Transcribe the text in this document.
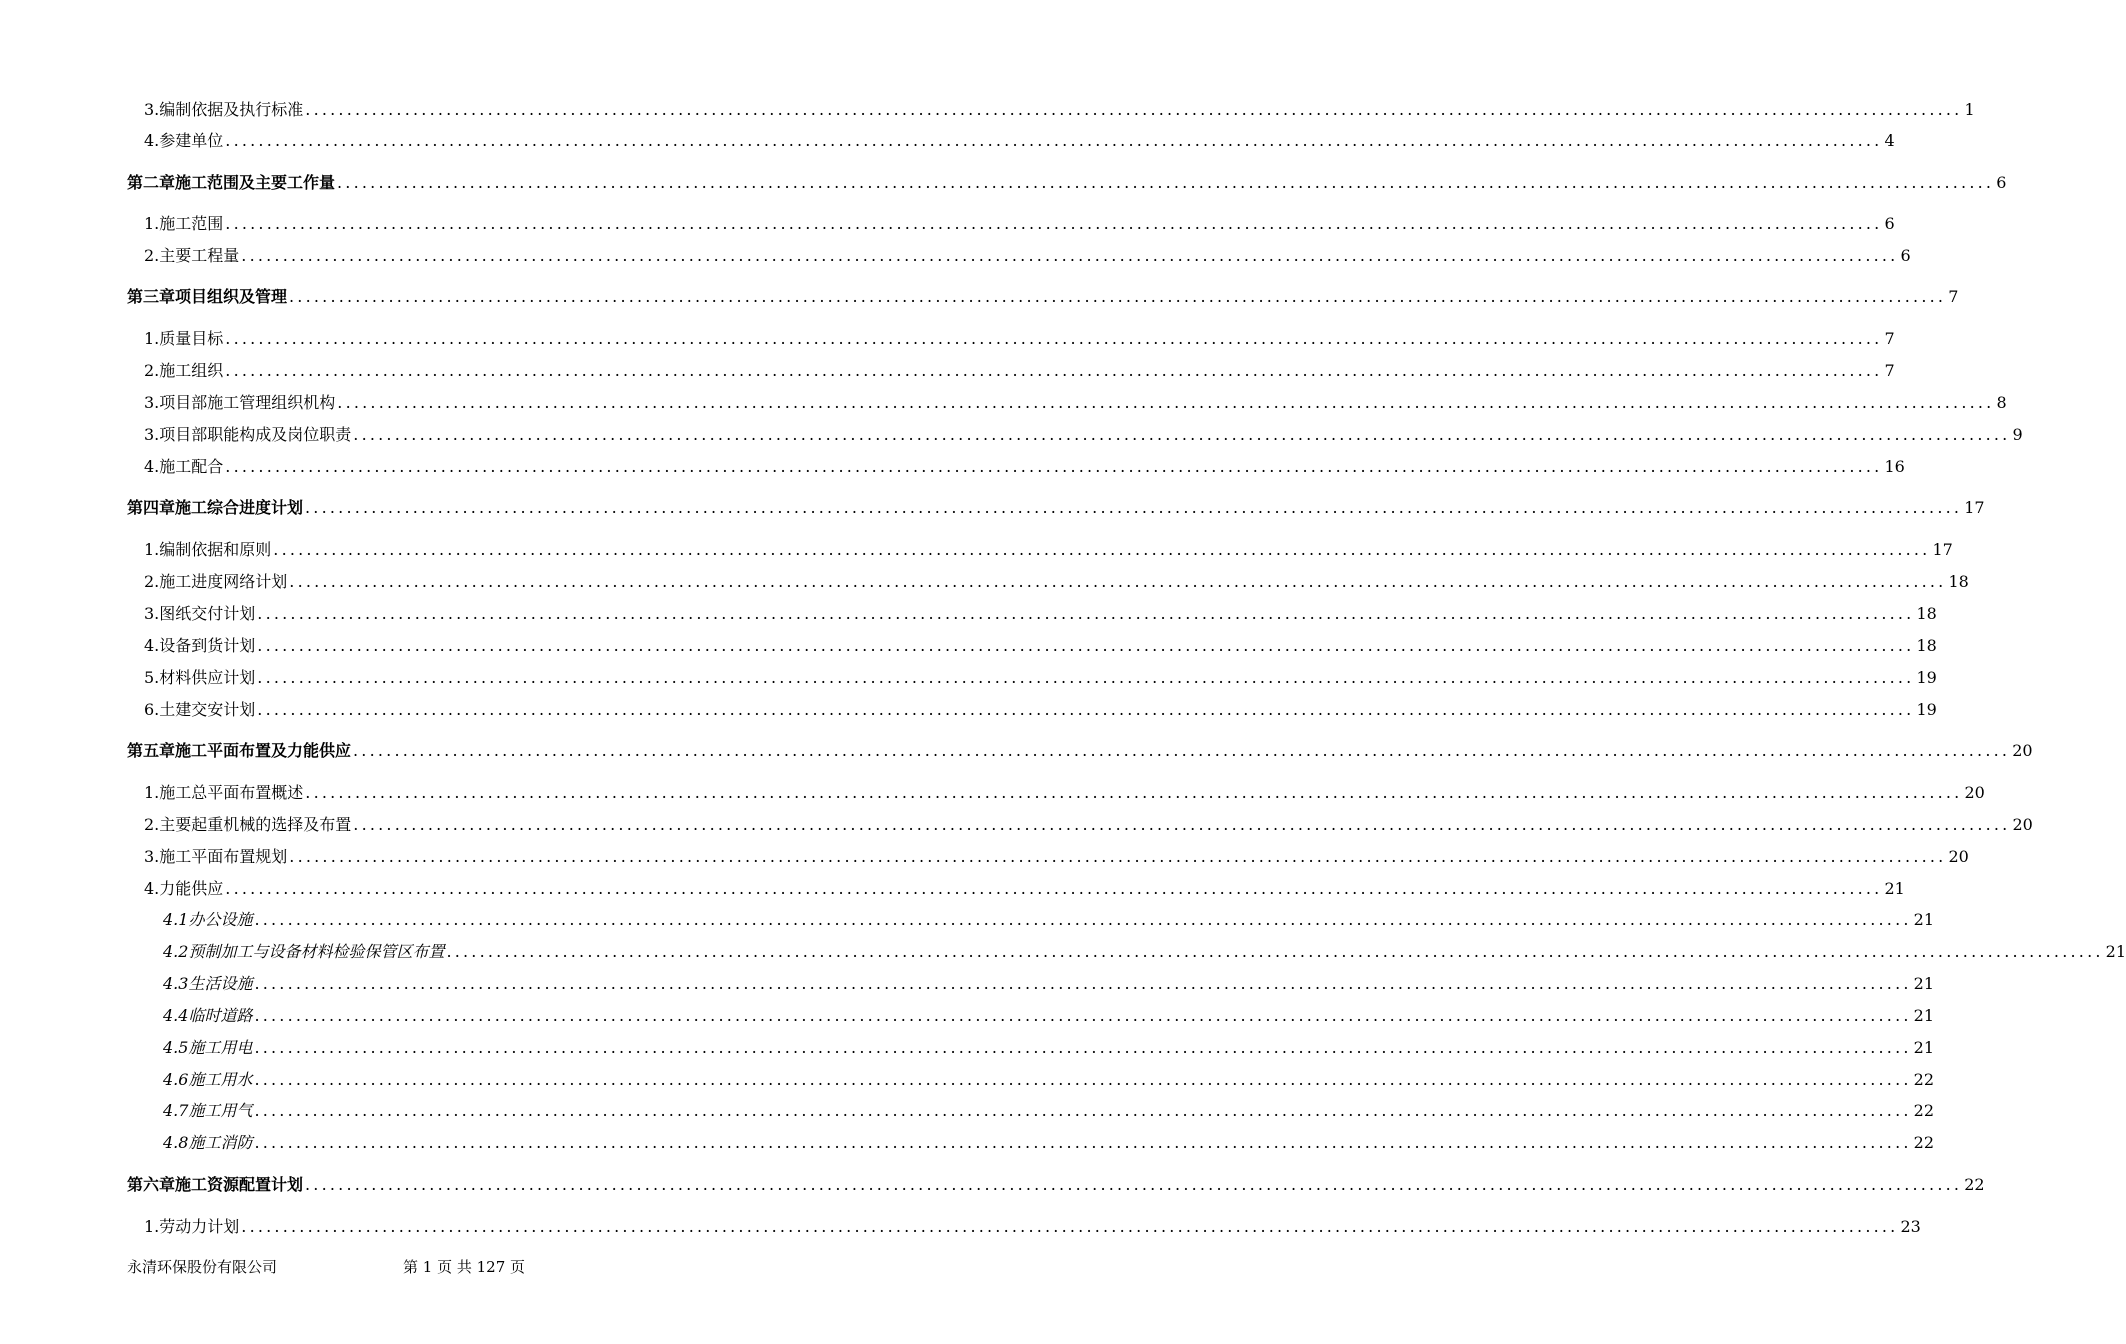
3.编制依据及执行标准 ........................................................................................................................................................................................................ 1
4.参建单位 ........................................................................................................................................................................................................ 4
第二章施工范围及主要工作量 ........................................................................................................................................................................................................ 6
1.施工范围 ........................................................................................................................................................................................................ 6
2.主要工程量 ........................................................................................................................................................................................................ 6
第三章项目组织及管理 ........................................................................................................................................................................................................ 7
1.质量目标 ........................................................................................................................................................................................................ 7
2.施工组织 ........................................................................................................................................................................................................ 7
3.项目部施工管理组织机构 ........................................................................................................................................................................................................ 8
3.项目部职能构成及岗位职责 ........................................................................................................................................................................................................ 9
4.施工配合 ........................................................................................................................................................................................................ 16
第四章施工综合进度计划 ........................................................................................................................................................................................................ 17
1.编制依据和原则 ........................................................................................................................................................................................................ 17
2.施工进度网络计划 ........................................................................................................................................................................................................ 18
3.图纸交付计划 ........................................................................................................................................................................................................ 18
4.设备到货计划 ........................................................................................................................................................................................................ 18
5.材料供应计划 ........................................................................................................................................................................................................ 19
6.土建交安计划 ........................................................................................................................................................................................................ 19
第五章施工平面布置及力能供应 ........................................................................................................................................................................................................ 20
1.施工总平面布置概述 ........................................................................................................................................................................................................ 20
2.主要起重机械的选择及布置 ........................................................................................................................................................................................................ 20
3.施工平面布置规划 ........................................................................................................................................................................................................ 20
4.力能供应 ........................................................................................................................................................................................................ 21
4.1办公设施 ........................................................................................................................................................................................................ 21
4.2预制加工与设备材料检验保管区布置 ........................................................................................................................................................................................................ 21
4.3生活设施 ........................................................................................................................................................................................................ 21
4.4临时道路 ........................................................................................................................................................................................................ 21
4.5施工用电 ........................................................................................................................................................................................................ 21
4.6施工用水 ........................................................................................................................................................................................................ 22
4.7施工用气 ........................................................................................................................................................................................................ 22
4.8施工消防 ........................................................................................................................................................................................................ 22
第六章施工资源配置计划 ........................................................................................................................................................................................................ 22
1.劳动力计划 ........................................................................................................................................................................................................ 23
永清环保股份有限公司	第 1 页 共 127 页
